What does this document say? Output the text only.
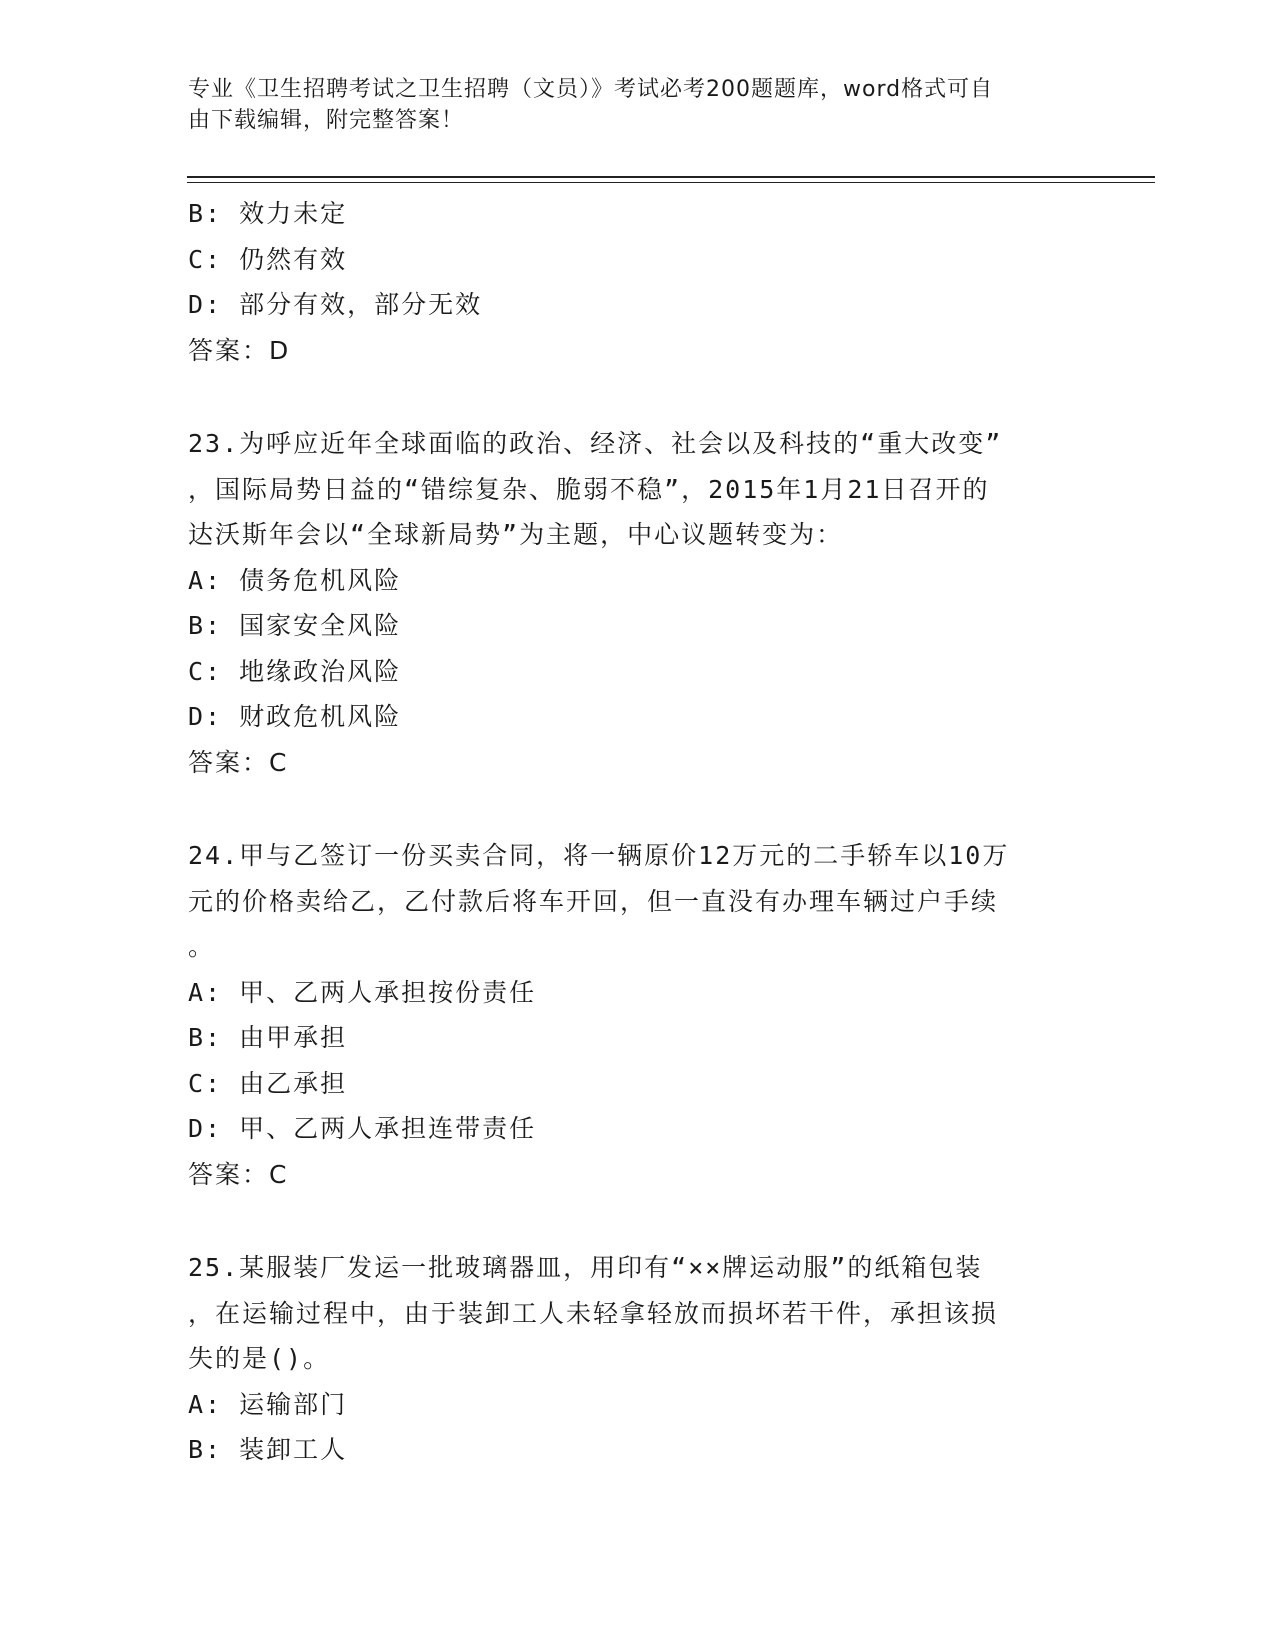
专业《卫生招聘考试之卫生招聘（文员）》考试必考200题题库，word格式可自
由下载编辑，附完整答案！
B: 效力未定
C: 仍然有效
D: 部分有效，部分无效
答案：D
23.为呼应近年全球面临的政治、经济、社会以及科技的“重大改变”
，国际局势日益的“错综复杂、脆弱不稳”，2015年1月21日召开的
达沃斯年会以“全球新局势”为主题，中心议题转变为：
A: 债务危机风险
B: 国家安全风险
C: 地缘政治风险
D: 财政危机风险
答案：C
24.甲与乙签订一份买卖合同，将一辆原价12万元的二手轿车以10万
元的价格卖给乙，乙付款后将车开回，但一直没有办理车辆过户手续
。
A: 甲、乙两人承担按份责任
B: 由甲承担
C: 由乙承担
D: 甲、乙两人承担连带责任
答案：C
25.某服装厂发运一批玻璃器皿，用印有“××牌运动服”的纸箱包装
，在运输过程中，由于装卸工人未轻拿轻放而损坏若干件，承担该损
失的是()。
A: 运输部门
B: 装卸工人
